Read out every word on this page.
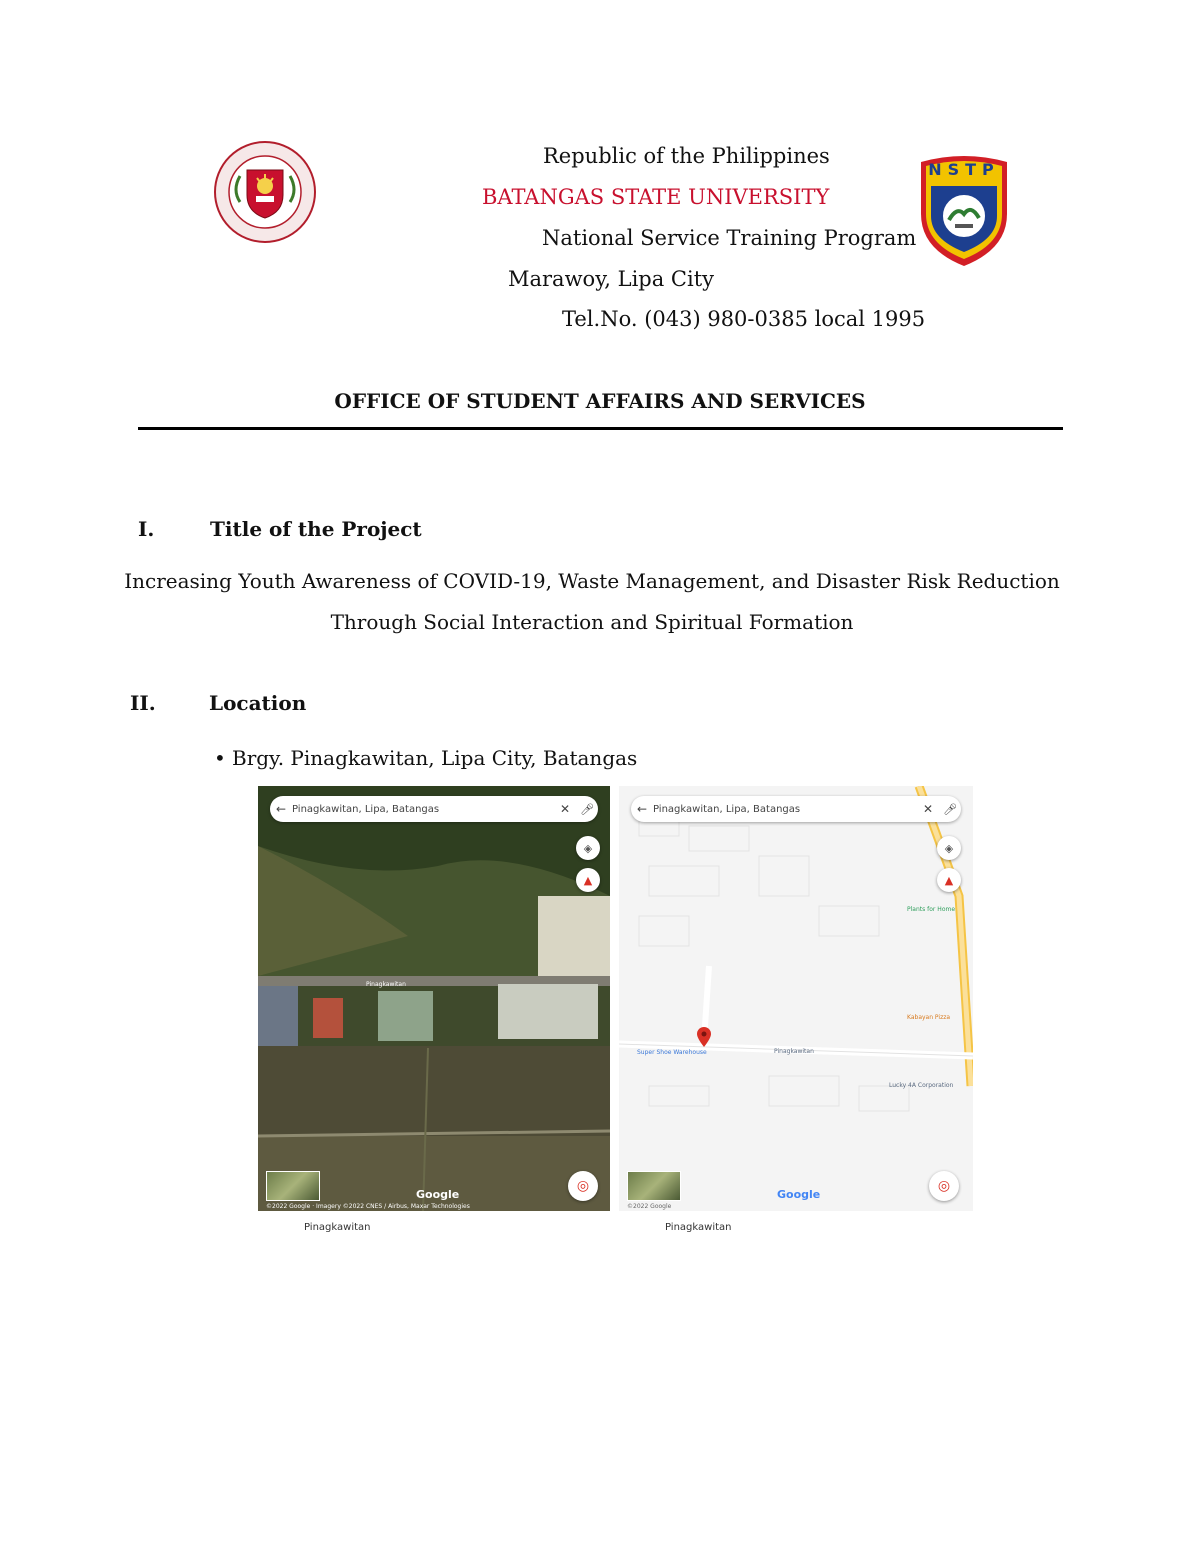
NSTP
Republic of the Philippines
BATANGAS STATE UNIVERSITY
National Service Training Program
Marawoy, Lipa City
Tel.No. (043) 980-0385 local 1995
OFFICE OF STUDENT AFFAIRS AND SERVICES
I.	Title of the Project
Increasing Youth Awareness of COVID-19, Waste Management, and Disaster Risk Reduction
Through Social Interaction and Spiritual Formation
II.	Location
• Brgy. Pinagkawitan, Lipa City, Batangas
Pinagkawitan
← Pinagkawitan, Lipa, Batangas	✕ 🎤︎
◈
▲
◎
Google
©2022 Google · Imagery ©2022 CNES / Airbus, Maxar Technologies
Pinagkawitan
Super Shoe Warehouse	Pinagkawitan
Lucky 4A Corporation
Plants for Home
Kabayan Pizza
← Pinagkawitan, Lipa, Batangas	✕ 🎤︎
◈
▲
◎
Google
©2022 Google
Pinagkawitan
